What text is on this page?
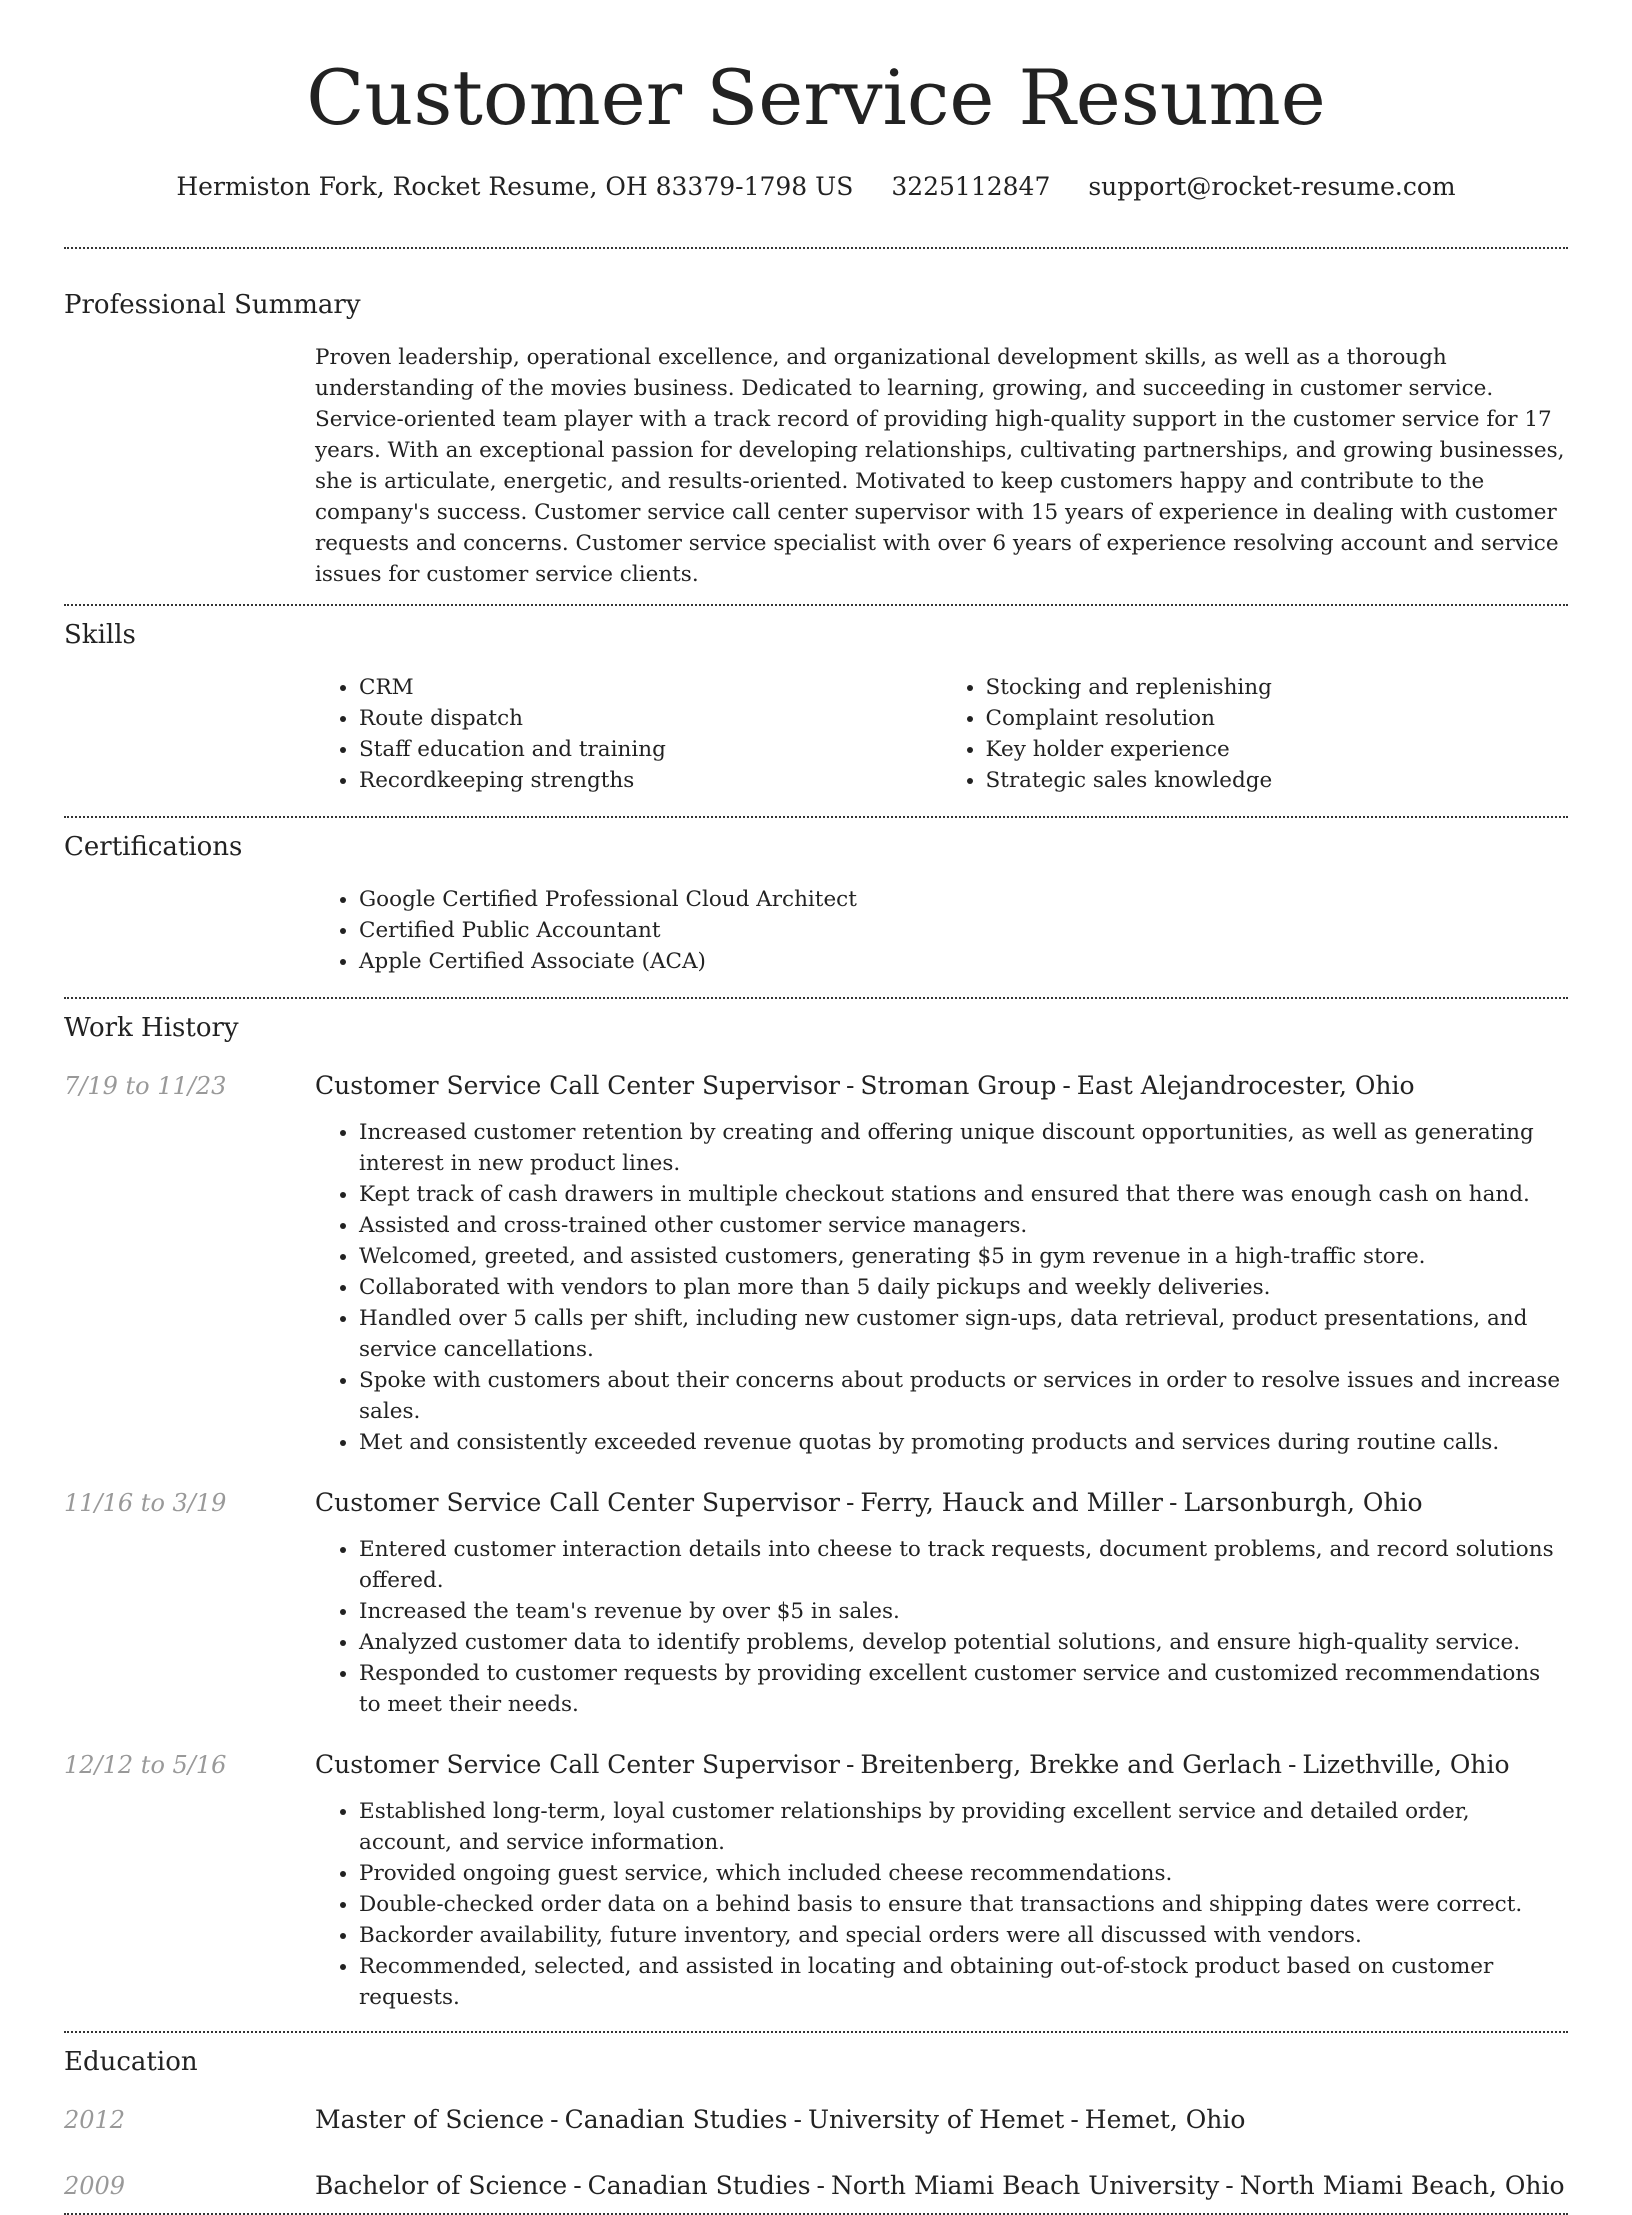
Customer Service Resume
Hermiston Fork, Rocket Resume, OH 83379-1798 US 3225112847 support@rocket-resume.com
Professional Summary

Proven leadership, operational excellence, and organizational development skills, as well as a thorough understanding of the movies business. Dedicated to learning, growing, and succeeding in customer service. Service-oriented team player with a track record of providing high-quality support in the customer service for 17 years. With an exceptional passion for developing relationships, cultivating partnerships, and growing businesses, she is articulate, energetic, and results-oriented. Motivated to keep customers happy and contribute to the company's success. Customer service call center supervisor with 15 years of experience in dealing with customer requests and concerns. Customer service specialist with over 6 years of experience resolving account and service issues for customer service clients.

Skills
• CRM
• Route dispatch
• Staff education and training
• Recordkeeping strengths
• Stocking and replenishing
• Complaint resolution
• Key holder experience
• Strategic sales knowledge
Certifications
• Google Certified Professional Cloud Architect
• Certified Public Accountant
• Apple Certified Associate (ACA)
Work History
7/19 to 11/23	Customer Service Call Center Supervisor - Stroman Group - East Alejandrocester, Ohio
• Increased customer retention by creating and offering unique discount opportunities, as well as generating interest in new product lines.
• Kept track of cash drawers in multiple checkout stations and ensured that there was enough cash on hand.
• Assisted and cross-trained other customer service managers.
• Welcomed, greeted, and assisted customers, generating $5 in gym revenue in a high-traffic store.
• Collaborated with vendors to plan more than 5 daily pickups and weekly deliveries.
• Handled over 5 calls per shift, including new customer sign-ups, data retrieval, product presentations, and service cancellations.
• Spoke with customers about their concerns about products or services in order to resolve issues and increase sales.
• Met and consistently exceeded revenue quotas by promoting products and services during routine calls.
11/16 to 3/19	Customer Service Call Center Supervisor - Ferry, Hauck and Miller - Larsonburgh, Ohio
• Entered customer interaction details into cheese to track requests, document problems, and record solutions offered.
• Increased the team's revenue by over $5 in sales.
• Analyzed customer data to identify problems, develop potential solutions, and ensure high-quality service.
• Responded to customer requests by providing excellent customer service and customized recommendations to meet their needs.
12/12 to 5/16	Customer Service Call Center Supervisor - Breitenberg, Brekke and Gerlach - Lizethville, Ohio
• Established long-term, loyal customer relationships by providing excellent service and detailed order, account, and service information.
• Provided ongoing guest service, which included cheese recommendations.
• Double-checked order data on a behind basis to ensure that transactions and shipping dates were correct.
• Backorder availability, future inventory, and special orders were all discussed with vendors.
• Recommended, selected, and assisted in locating and obtaining out-of-stock product based on customer requests.
Education
2012	Master of Science - Canadian Studies - University of Hemet - Hemet, Ohio
2009	Bachelor of Science - Canadian Studies - North Miami Beach University - North Miami Beach, Ohio
